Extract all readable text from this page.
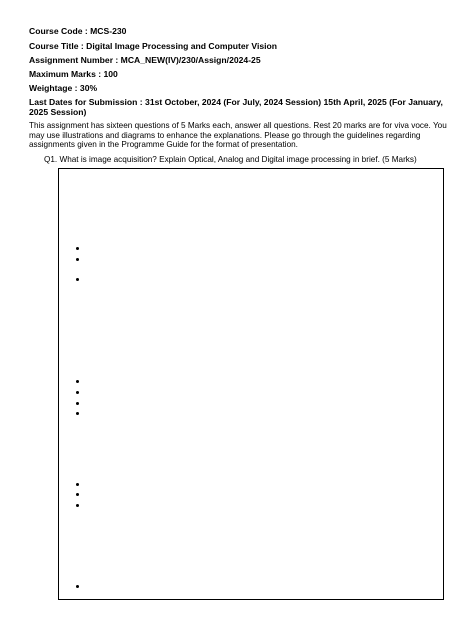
Course Code : MCS-230
Course Title : Digital Image Processing and Computer Vision
Assignment Number : MCA_NEW(IV)/230/Assign/2024-25
Maximum Marks : 100
Weightage : 30%
Last Dates for Submission : 31st October, 2024 (For July, 2024 Session) 15th April, 2025 (For January, 2025 Session)
This assignment has sixteen questions of 5 Marks each, answer all questions. Rest 20 marks are for viva voce. You may use illustrations and diagrams to enhance the explanations. Please go through the guidelines regarding assignments given in the Programme Guide for the format of presentation.
Q1. What is image acquisition? Explain Optical, Analog and Digital image processing in brief. (5 Marks)
